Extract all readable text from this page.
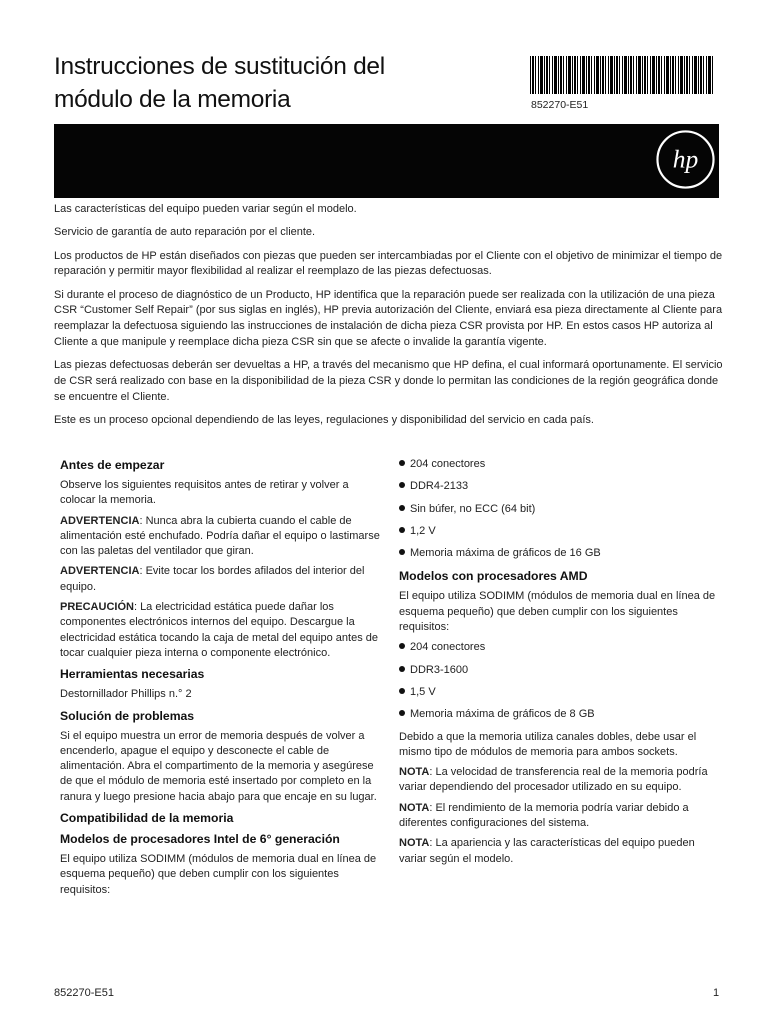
Instrucciones de sustitución del
módulo de la memoria	852270-E51
hp

Las características del equipo pueden variar según el modelo.

Servicio de garantía de auto reparación por el cliente.

Los productos de HP están diseñados con piezas que pueden ser intercambiadas por el Cliente con el objetivo de minimizar el tiempo de reparación y permitir mayor flexibilidad al realizar el reemplazo de las piezas defectuosas.

Si durante el proceso de diagnóstico de un Producto, HP identifica que la reparación puede ser realizada con la utilización de una pieza CSR “Customer Self Repair” (por sus siglas en inglés), HP previa autorización del Cliente, enviará esa pieza directamente al Cliente para reemplazar la defectuosa siguiendo las instrucciones de instalación de dicha pieza CSR provista por HP. En estos casos HP autoriza al Cliente a que manipule y reemplace dicha pieza CSR sin que se afecte o invalide la garantía vigente.

Las piezas defectuosas deberán ser devueltas a HP, a través del mecanismo que HP defina, el cual informará oportunamente. El servicio de CSR será realizado con base en la disponibilidad de la pieza CSR y donde lo permitan las condiciones de la región geográfica donde se encuentre el Cliente.

Este es un proceso opcional dependiendo de las leyes, regulaciones y disponibilidad del servicio en cada país.

Antes de empezar

Observe los siguientes requisitos antes de retirar y volver a colocar la memoria.

ADVERTENCIA: Nunca abra la cubierta cuando el cable de alimentación esté enchufado. Podría dañar el equipo o lastimarse con las paletas del ventilador que giran.

ADVERTENCIA: Evite tocar los bordes afilados del interior del equipo.

PRECAUCIÓN: La electricidad estática puede dañar los componentes electrónicos internos del equipo. Descargue la electricidad estática tocando la caja de metal del equipo antes de tocar cualquier pieza interna o componente electrónico.

Herramientas necesarias

Destornillador Phillips n.° 2

Solución de problemas

Si el equipo muestra un error de memoria después de volver a encenderlo, apague el equipo y desconecte el cable de alimentación. Abra el compartimento de la memoria y asegúrese de que el módulo de memoria esté insertado por completo en la ranura y luego presione hacia abajo para que encaje en su lugar.

Compatibilidad de la memoria
Modelos de procesadores Intel de 6° generación

El equipo utiliza SODIMM (módulos de memoria dual en línea de esquema pequeño) que deben cumplir con los siguientes requisitos:

204 conectores
DDR4-2133
Sin búfer, no ECC (64 bit)
1,2 V
Memoria máxima de gráficos de 16 GB
Modelos con procesadores AMD

El equipo utiliza SODIMM (módulos de memoria dual en línea de esquema pequeño) que deben cumplir con los siguientes requisitos:

204 conectores
DDR3-1600
1,5 V
Memoria máxima de gráficos de 8 GB

Debido a que la memoria utiliza canales dobles, debe usar el mismo tipo de módulos de memoria para ambos sockets.

NOTA: La velocidad de transferencia real de la memoria podría variar dependiendo del procesador utilizado en su equipo.

NOTA: El rendimiento de la memoria podría variar debido a diferentes configuraciones del sistema.

NOTA: La apariencia y las características del equipo pueden variar según el modelo.

852270-E51	1
